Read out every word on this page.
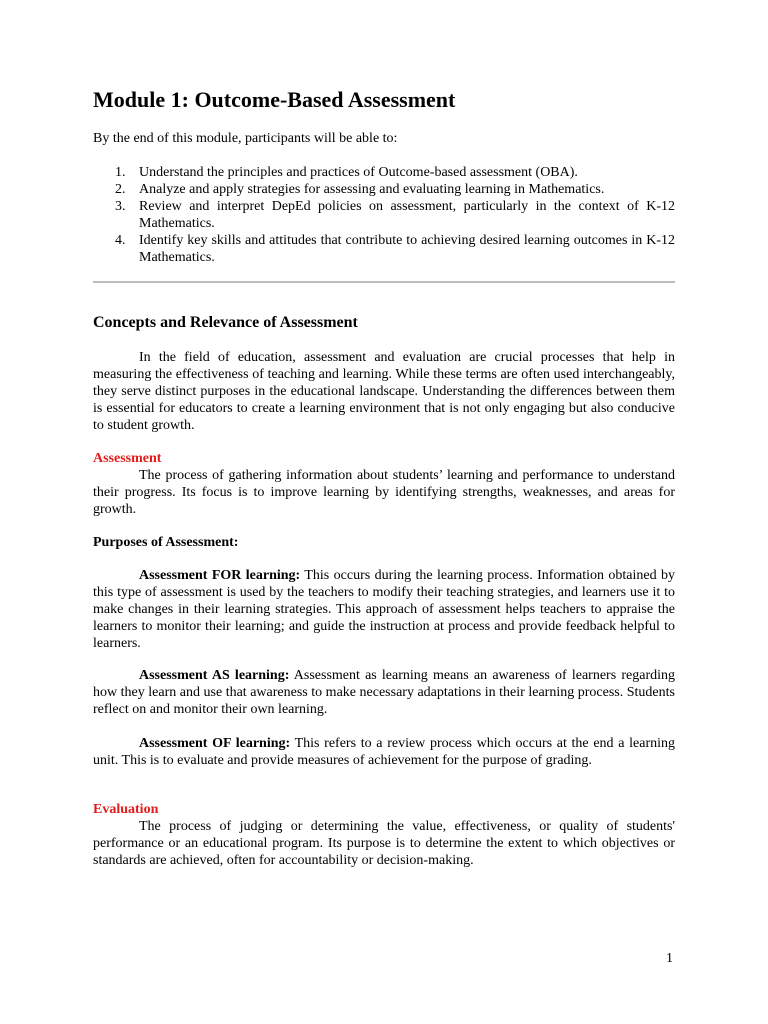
Module 1: Outcome-Based Assessment

By the end of this module, participants will be able to:

1. Understand the principles and practices of Outcome-based assessment (OBA).
2. Analyze and apply strategies for assessing and evaluating learning in Mathematics.
3. Review and interpret DepEd policies on assessment, particularly in the context of K-12 Mathematics.
4. Identify key skills and attitudes that contribute to achieving desired learning outcomes in K-12 Mathematics.
Concepts and Relevance of Assessment

In the field of education, assessment and evaluation are crucial processes that help in measuring the effectiveness of teaching and learning. While these terms are often used interchangeably, they serve distinct purposes in the educational landscape. Understanding the differences between them is essential for educators to create a learning environment that is not only engaging but also conducive to student growth.

Assessment

The process of gathering information about students’ learning and performance to understand their progress. Its focus is to improve learning by identifying strengths, weaknesses, and areas for growth.

Purposes of Assessment:

Assessment FOR learning: This occurs during the learning process. Information obtained by this type of assessment is used by the teachers to modify their teaching strategies, and learners use it to make changes in their learning strategies. This approach of assessment helps teachers to appraise the learners to monitor their learning; and guide the instruction at process and provide feedback helpful to learners.

Assessment AS learning: Assessment as learning means an awareness of learners regarding how they learn and use that awareness to make necessary adaptations in their learning process. Students reflect on and monitor their own learning.

Assessment OF learning: This refers to a review process which occurs at the end a learning unit. This is to evaluate and provide measures of achievement for the purpose of grading.

Evaluation

The process of judging or determining the value, effectiveness, or quality of students' performance or an educational program. Its purpose is to determine the extent to which objectives or standards are achieved, often for accountability or decision-making.

1
